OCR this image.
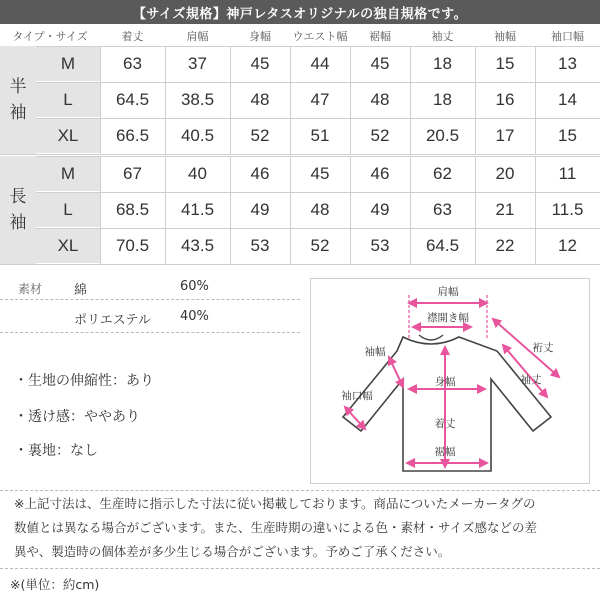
【サイズ規格】神戸レタスオリジナルの独自規格です。
タイプ・サイズ	着丈	肩幅	身幅	ウエスト幅	裾幅	袖丈	袖幅	袖口幅
半
袖
M	63	37	45	44	45	18	15	13
L	64.5	38.5	48	47	48	18	16	14
XL	66.5	40.5	52	51	52	20.5	17	15
長
袖
M	67	40	46	45	46	62	20	11
L	68.5	41.5	49	48	49	63	21	11.5
XL	70.5	43.5	53	52	53	64.5	22	12
素材 綿	60%
ポリエステル 40%
・生地の伸縮性：あり
・透け感：ややあり
・裏地：なし
肩幅
襟開き幅
裄丈
袖幅
袖丈
身幅
袖口幅
着丈
裾幅
※上記寸法は、生産時に指示した寸法に従い掲載しております。商品についたメーカータグの
数値とは異なる場合がございます。また、生産時期の違いによる色・素材・サイズ感などの差
異や、製造時の個体差が多少生じる場合がございます。予めご了承ください。
※(単位：約cm)
